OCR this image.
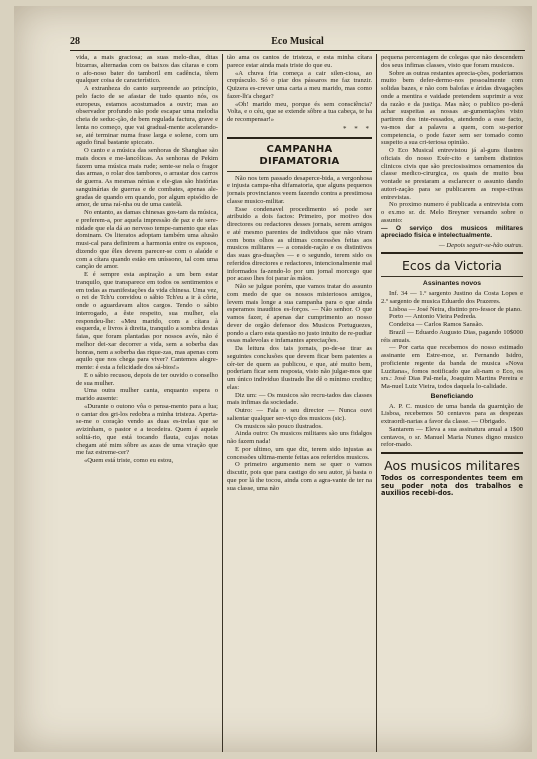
28	Eco Musical

vida, a mais graciosa; as suas melo-dias, ditas bizarras, alternadas com os baixos das cítaras e com o afo-noso bater do tamboril em cadência, têem qualquer coisa de característico.

A extranheza do canto surpreende ao princípio, pelo facto de se afastar de tudo quanto nós, os europeus, estamos acostumados a ouvir; mas ao observador profundo não pode escapar uma melodia cheia de seduc-ção, de bem regulada factura, grave e lenta no começo, que vai gradual-mente acelerando-se, até terminar numa frase larga e solene, com um agudo final bastante spiccato.

O canto e a música das senhoras de Shanghae são mais doces e me-lancólicas. As senhoras de Pekim fazem uma música mais rude; sente-se nela o fragor das armas, o rolar dos tambores, o arrastar dos carros de guerra. As mesmas nénias e ele-gias são histórias sanguinárias de guerras e de combates, apenas ale-gradas de quando em quando, por algum episódio de amor, de uma raí-nha ou de uma castelã.

No entanto, as damas chinesas gos-tam da música, e preferem-a, por aquela impressão de paz e de sere-nidade que ela dá ao nervoso tempe-ramento que elas dominam. Os literatos adoptam também uma alusão musi-cal para definirem a harmonia entre os esposos, dizendo que êles devem parecer-se com o alaúde e com a cítara quando estão em uníssono, tal com uma canção de amor.

E é sempre esta aspiração a um bem estar tranquilo, que transparece em todos os sentimentos e em todas as manifestações da vida chinesa. Uma vez, o rei de Tch'u convidou o sábio Tch'eu a ir à côrte, onde o aguardavam altos cargos. Tendo o sábio interrogado, a êste respeito, sua mulher, ela respondeu-lhe: «Meu marido, com a cítara à esquerda, e livros à direita, tranquilo a sombra destas faias, que foram plantadas por nossos avós, não é melhor dei-xar decorrer a vida, sem a soberba das honras, nem a soberba das rique-zas, mas apenas com aquilo que nos chega para viver? Cantemos alegre-mente: é esta a felicidade dos sá-bios!»

E o sábio recusou, depois de ter ouvido o conselho de sua mulher.

Uma outra mulher canta, enquanto espera o marido ausente:

«Durante o outono vôa o pensa-mento para a lua; o cantar dos gri-los redobra a minha tristeza. Aperta-se-me o coração vendo as duas es-trelas que se avizinham, o pastor e a tecedeira. Quem é aquele solitá-rio, que está tocando flauta, cujas notas chegam até mim sôbre as azas de uma viração que me faz estreme-cer?

«Quem está triste, como eu estou,

tão ama os cantos de tristeza, e esta minha cítara parece estar ainda mais triste do que eu.

«A chuva fria começa a cair silen-ciosa, ao crepúsculo. Só o piar dos pássaros me faz tranzir. Quizera es-crever uma carta a meu marido, mas como fazer-lh'a chegar?

«Oh! marido meu, porque és sem consciência? Volta, e o céu, que se extende sôbre a tua cabeça, te ha de recompensar!»

* * *
CAMPANHA DIFAMATORIA

Não nos tem passado desaperce-bida, a vergonhosa e injusta campa-nha difamatoria, que alguns pequenos jornais provincianos veem fazendo contra a prestimosa classe musico-militar.

Esse condenavel procedimento só pode ser atribuido a dois factos: Primeiro, por motivo dos directores ou redactores desses jornais, serem amigos e até mesmo parentes de individuos que não viram com bons olhos as ultimas concessões feitas aos musicos militares — a conside-ração e os distintivos das suas gra-duações — e o segundo, terem sido os referidos directores e redactores, intencionalmente mal informados fa-zendo-lo por um jornal morcego que por acaso lhes foi parar às mãos.

Não se julgue porém, que vamos tratar do assunto com medo de que os nossos misteriosos amigos, levem mais longe a sua campanha para o que ainda esperamos inauditos es-forços. — Não senhor. O que vamos fazer, é apenas dar cumprimento ao nosso dever de orgão defensor dos Musicos Portuguezes, pondo a claro esta questão no justo intuito de re-pudiar essas malevolas e infamantes apreciações.

Da leitura dos tais jornais, po-de-se tirar as seguintes conclusões que devem ficar bem patentes a cér-ter de quem as publicou, e que, até muito bem, poderiam ficar sem resposta, visto não julgar-mos que um único individuo ilustrado lhe dê o mínimo credito; elas:

Diz um: — Os musicos são recru-tados das classes mais infimas da sociedade.

Outro: — Fala o seu director — Nunca ouvi salientar qualquer ser-viço dos musicos (sic).

Os musicos são pouco ilustrados.

Ainda outro: Os musicos militares são uns fidalgos não fazem nada!

E por ultimo, um que diz, terem sido injustas as concessões ultima-mente feitas aos referidos musicos.

O primeiro argumento nem se quer o vamos discutir, pois que para castigo do seu autor, já basta o que por lá ihe tocou, ainda com a agra-vante de ter na sua classe, uma não

pequena percentagem de colegas que não descendem dos seus infimas classes, visto que foram musicos.

Sobre as outras restantes aprecia-ções, poderiamos muito bem defer-dermo-nos pessoalmente com solidas bazes, e não com balofas e áridas divagações onde a mentira e vaidade pretendem suprimir a voz da razão e da justiça. Mas não; o publico po-derá achar suspeitas as nossas ar-gumentações visto partirem dos inte-ressados, atendendo a esse facto, va-mos dar a palavra a quem, com su-perior competencia, o pode fazer sem ser tomado como suspeito a sua cri-teriosa opinião.

O Eco Musical entrevistou já al-guns ilustres oficiais do nosso Exér-cito e tambem distintos clinicos civis que são preciosissimos ornamentos da classe medico-cirurgica, os quais de muito boa vontade se prestaram a esclarecer o assunto dando autori-zação para se publicarem as respe-ctivas entrevistas.

No proximo numero é publicada a entrevista com o ex.mo sr. dr. Melo Breyner versando sobre o assunto:

— O serviço dos musicos militares apreciado fisica e intelectualmente.
— Depois seguir-se-hão outras.
Ecos da Victoria
Assinantes novos

Inf. 34 — 1.º sargento Justino da Costa Lopes e 2.º sargento de musica Eduardo dos Prazeres.

Lisboa — José Neira, distinto pro-fessor de piano.

Porto — Antonio Vieira Pedreda.

Condeixa — Carlos Ramos Sansão.

Brazil — Eduardo Augusto Dias, pagando 10$000 réis anuais.

— Por carta que recebemos do nosso estimado assinante em Estre-moz, sr. Fernando Isidro, proficiente regente da banda de musica «Nova Luzitana», fomos notificado que ali-nam o Eco, os srs.: José Dias Pal-mela, Joaquim Martins Pereira e Ma-nuel Luiz Vieira, todos daquela lo-calidade.

Beneficiando

A. P. C. musico de uma banda da guarnição de Lisboa, recebemos 50 centavos para as despezas extraordi-narias a favor da classe. — Obrigado.

Santarem — Eleva a sua assinatura anual a 1$00 centavos, o sr. Manuel Maria Nunes digno musico refor-mado.

Aos musicos militares
Todos os correspondentes teem em seu poder nota dos trabalhos e auxilios recebi-dos.
